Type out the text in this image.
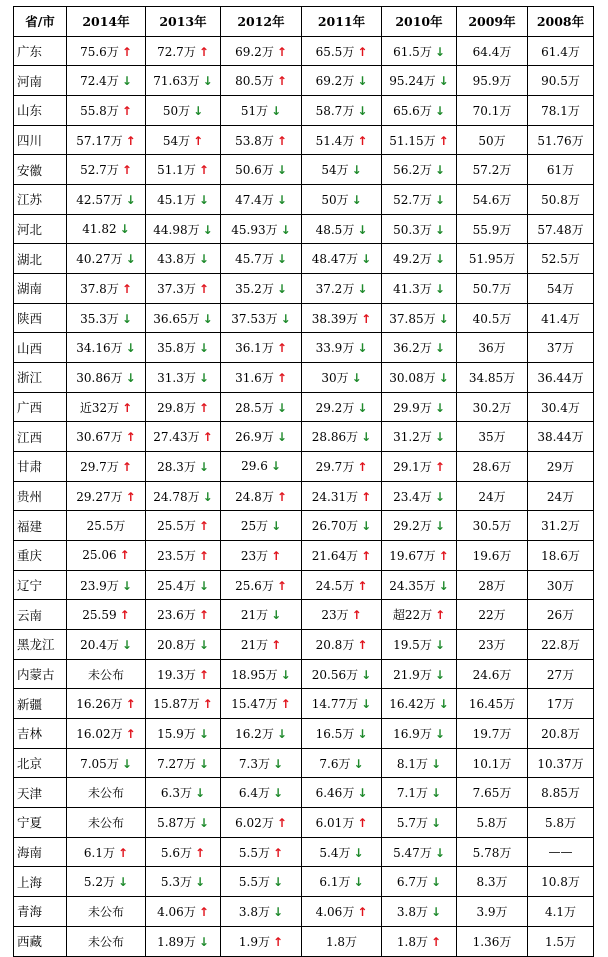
省/市	2014年	2013年	2012年	2011年	2010年	2009年	2008年
广东	75.6万 ↑	72.7万 ↑	69.2万 ↑	65.5万 ↑	61.5万 ↓	64.4万	61.4万
河南	72.4万 ↓	71.63万 ↓	80.5万 ↑	69.2万 ↓	95.24万 ↓	95.9万	90.5万
山东	55.8万 ↑	50万 ↓	51万 ↓	58.7万 ↓	65.6万 ↓	70.1万	78.1万
四川	57.17万 ↑	54万 ↑	53.8万 ↑	51.4万 ↑	51.15万 ↑	50万	51.76万
安徽	52.7万 ↑	51.1万 ↑	50.6万 ↓	54万 ↓	56.2万 ↓	57.2万	61万
江苏	42.57万 ↓	45.1万 ↓	47.4万 ↓	50万 ↓	52.7万 ↓	54.6万	50.8万
河北	41.82 ↓	44.98万 ↓	45.93万 ↓	48.5万 ↓	50.3万 ↓	55.9万	57.48万
湖北	40.27万 ↓	43.8万 ↓	45.7万 ↓	48.47万 ↓	49.2万 ↓	51.95万	52.5万
湖南	37.8万 ↑	37.3万 ↑	35.2万 ↓	37.2万 ↓	41.3万 ↓	50.7万	54万
陕西	35.3万 ↓	36.65万 ↓	37.53万 ↓	38.39万 ↑	37.85万 ↓	40.5万	41.4万
山西	34.16万 ↓	35.8万 ↓	36.1万 ↑	33.9万 ↓	36.2万 ↓	36万	37万
浙江	30.86万 ↓	31.3万 ↓	31.6万 ↑	30万 ↓	30.08万 ↓	34.85万	36.44万
广西	近32万 ↑	29.8万 ↑	28.5万 ↓	29.2万 ↓	29.9万 ↓	30.2万	30.4万
江西	30.67万 ↑	27.43万 ↑	26.9万 ↓	28.86万 ↓	31.2万 ↓	35万	38.44万
甘肃	29.7万 ↑	28.3万 ↓	29.6 ↓	29.7万 ↑	29.1万 ↑	28.6万	29万
贵州	29.27万 ↑	24.78万 ↓	24.8万 ↑	24.31万 ↑	23.4万 ↓	24万	24万
福建	25.5万	25.5万 ↑	25万 ↓	26.70万 ↓	29.2万 ↓	30.5万	31.2万
重庆	25.06 ↑	23.5万 ↑	23万 ↑	21.64万 ↑	19.67万 ↑	19.6万	18.6万
辽宁	23.9万 ↓	25.4万 ↓	25.6万 ↑	24.5万 ↑	24.35万 ↓	28万	30万
云南	25.59 ↑	23.6万 ↑	21万 ↓	23万 ↑	超22万 ↑	22万	26万
黑龙江	20.4万 ↓	20.8万 ↓	21万 ↑	20.8万 ↑	19.5万 ↓	23万	22.8万
内蒙古	未公布	19.3万 ↑	18.95万 ↓	20.56万 ↓	21.9万 ↓	24.6万	27万
新疆	16.26万 ↑	15.87万 ↑	15.47万 ↑	14.77万 ↓	16.42万 ↓	16.45万	17万
吉林	16.02万 ↑	15.9万 ↓	16.2万 ↓	16.5万 ↓	16.9万 ↓	19.7万	20.8万
北京	7.05万 ↓	7.27万 ↓	7.3万 ↓	7.6万 ↓	8.1万 ↓	10.1万	10.37万
天津	未公布	6.3万 ↓	6.4万 ↓	6.46万 ↓	7.1万 ↓	7.65万	8.85万
宁夏	未公布	5.87万 ↓	6.02万 ↑	6.01万 ↑	5.7万 ↓	5.8万	5.8万
海南	6.1万 ↑	5.6万 ↑	5.5万 ↑	5.4万 ↓	5.47万 ↓	5.78万	——
上海	5.2万 ↓	5.3万 ↓	5.5万 ↓	6.1万 ↓	6.7万 ↓	8.3万	10.8万
青海	未公布	4.06万 ↑	3.8万 ↓	4.06万 ↑	3.8万 ↓	3.9万	4.1万
西藏	未公布	1.89万 ↓	1.9万 ↑	1.8万	1.8万 ↑	1.36万	1.5万
